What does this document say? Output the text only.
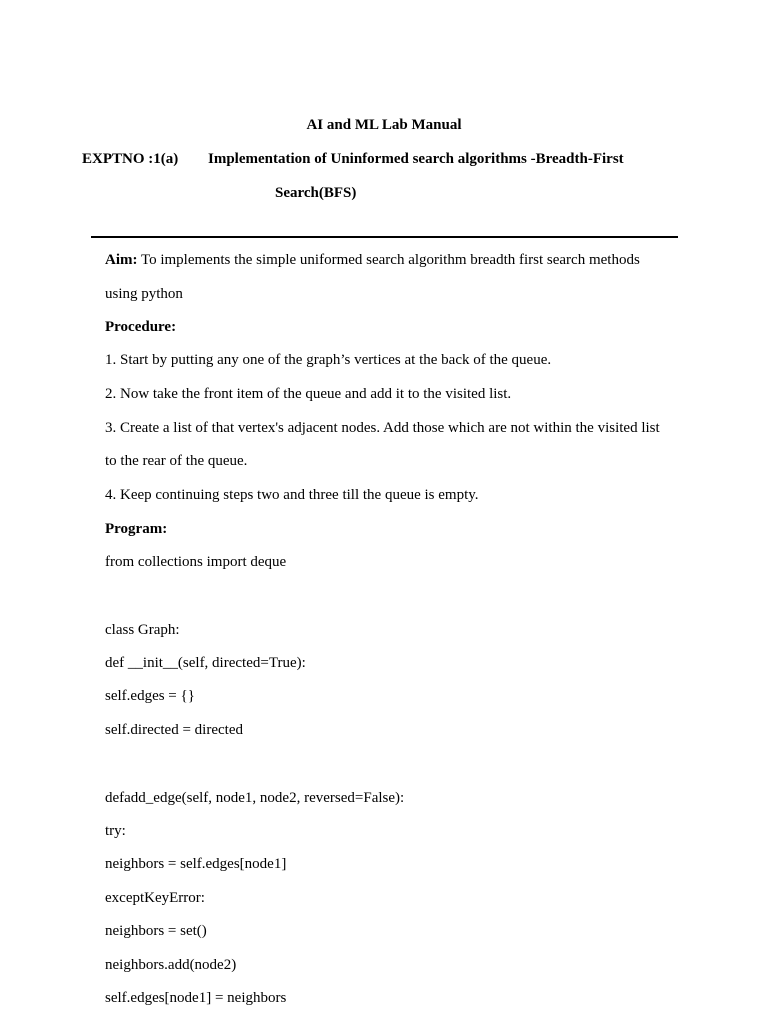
AI and ML Lab Manual
EXPTNO :1(a) Implementation of Uninformed search algorithms -Breadth-First
Search(BFS)
Aim: To implements the simple uniformed search algorithm breadth first search methods
using python
Procedure:
1. Start by putting any one of the graph’s vertices at the back of the queue.
2. Now take the front item of the queue and add it to the visited list.
3. Create a list of that vertex's adjacent nodes. Add those which are not within the visited list
to the rear of the queue.
4. Keep continuing steps two and three till the queue is empty.
Program:
from collections import deque
class Graph:
def __init__(self, directed=True):
self.edges = {}
self.directed = directed
defadd_edge(self, node1, node2, reversed=False):
try:
neighbors = self.edges[node1]
exceptKeyError:
neighbors = set()
neighbors.add(node2)
self.edges[node1] = neighbors
